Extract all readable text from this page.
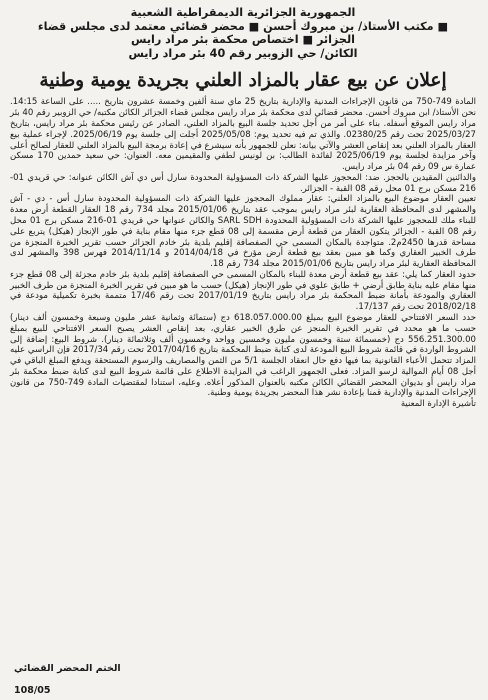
الجمهورية الجزائرية الديمقراطية الشعبية
■ مكتب الأستاذ/ بن مبروك أحسن ■ محضر قضائي معتمد لدى مجلس قضاء
الجزائر ■ اختصاص محكمة بئر مراد رايس
الكائن/ حي الزوبير رقم 40 بئر مراد رايس
إعلان عن بيع عقار بالمزاد العلني بجريدة يومية وطنية

المادة 749-750 من قانون الإجراءات المدنية والإدارية بتاريخ 25 ماي سنة ألفين وخمسة عشرون بتاريخ ..... على الساعة 14:15. نحن الأستاذ/ ابن مبروك أحسن. محضر قضائي لدى محكمة بئر مراد رايس مجلس قضاء الجزائر الكائن مكتبه/ حي الزوبير رقم 40 بئر مراد رايس الموقع أسفله. بناء على أمر من أجل تحديد جلسة البيع بالمزاد العلني، الصادر عن رئيس محكمة بئر مراد رايس، بتاريخ 2025/03/27 تحت رقم 02380/25. والذي تم فيه تحديد يوم: 2025/05/08 أجلت إلى جلسة يوم 2025/06/19. لإجراء عملية بيع العقار بالمزاد العلني بعد إنقاص العشر والآتي بيانه: نعلن للجمهور بأنه سيشرع في إعادة برمجة البيع بالمزاد العلني للعقار لصالح أعلى وآخر مزايدة لجلسة يوم 2025/06/19 لفائدة الطالب: بن لونيس لطفي والمقيمين معه. العنوان: حي سعيد حمدين 170 مسكن عمارة س 09 رقم 04 بئر مراد رايس.

والدائنين المقيدين بالحجز. ضد: المحجوز عليها الشركة ذات المسؤولية المحدودة سارل أس دي آش الكائن عنوانه: حي قريدي 01-216 مسكن برج 01 محل رقم 08 القبة - الجزائر.

تعيين العقار موضوع البيع بالمزاد العلني: عقار مملوك المحجوز عليها الشركة ذات المسؤولية المحدودة سارل أس - دي - آش والمشهر لدى المحافظة العقارية لبئر مراد رايس بموجب عقد بتاريخ 2015/01/06 مجلد 734 رقم 18 العقار القطعة أرض معدة للبناء ملك للمحجوز عليها الشركة ذات المسؤولية المحدودة SARL SDH والكائن عنوانها حي قريدي 01-216 مسكن برج 01 محل رقم 08 القبة - الجزائر يتكون العقار من قطعة أرض مقسمة إلى 08 قطع جزء منها مقام بناية في طور الإنجاز (هيكل) يتربع على مساحة قدرها 2450م2. متواجدة بالمكان المسمى حي الصفصافة إقليم بلدية بئر خادم الجزائر حسب تقرير الخبرة المنجزة من طرف الخبير العقاري وكما هو مبين بعقد بيع قطعة أرض مؤرخ في 2014/04/18 و 2014/11/14 فهرس 398 والمشهر لدى المحافظة العقارية لبئر مراد رايس بتاريخ 2015/01/06 مجلد 734 رقم 18.

حدود العقار كما يلي: عقد بيع قطعة أرض معدة للبناء بالمكان المسمى حي الصفصافة إقليم بلدية بئر خادم مجزئة إلى 08 قطع جزء منها مقام عليه بناية طابق أرضي + طابق علوي في طور الإنجاز (هيكل) حسب ما هو مبين في تقرير الخبرة المنجزة من طرف الخبير العقاري والمودعة بأمانة ضبط المحكمة بئر مراد رايس بتاريخ 2017/01/19 تحت رقم 17/46 متممة بخبرة تكميلية مودعة في 2018/02/18 تحت رقم 17/137.

حدد السعر الافتتاحي للعقار موضوع البيع بمبلغ 618.057.000.00 دج (ستمائة وثمانية عشر مليون وسبعة وخمسون ألف دينار) حسب ما هو محدد في تقرير الخبرة المنجز عن طرق الخبير عقاري، بعد إنقاص العشر يصبح السعر الافتتاحي للبيع بمبلغ 556.251.300.00 دج (خمسمائة ستة وخمسون مليون وخمسين وواحد وخمسون ألف وثلاثمائة دينار). شروط البيع: إضافة إلى الشروط الواردة في قائمة شروط البيع المودعة لدى كتابة ضبط المحكمة بتاريخ 2017/04/16 تحت رقم 2017/34 فإن الراسي عليه المزاد تتحمل الأعباء القانونية بما فيها دفع حال انعقاد الجلسة 5/1 من الثمن والمصاريف والرسوم المستحقة ويدفع المبلغ الباقي في أجل 08 أيام الموالية لرسو المزاد. فعلى الجمهور الراغب في المزايدة الاطلاع على قائمة شروط البيع لدى كتابة ضبط محكمة بئر مراد رايس أو بديوان المحضر القضائي الكائن مكتبه بالعنوان المذكور أعلاه. وعليه، استنادا لمقتضيات المادة 749-750 من قانون الإجراءات المدنية والإدارية قمنا بإعادة نشر هذا المحضر بجريدة يومية وطنية.

تأشيرة الإدارة المعنية

الختم المحضر القضائي
108/05
